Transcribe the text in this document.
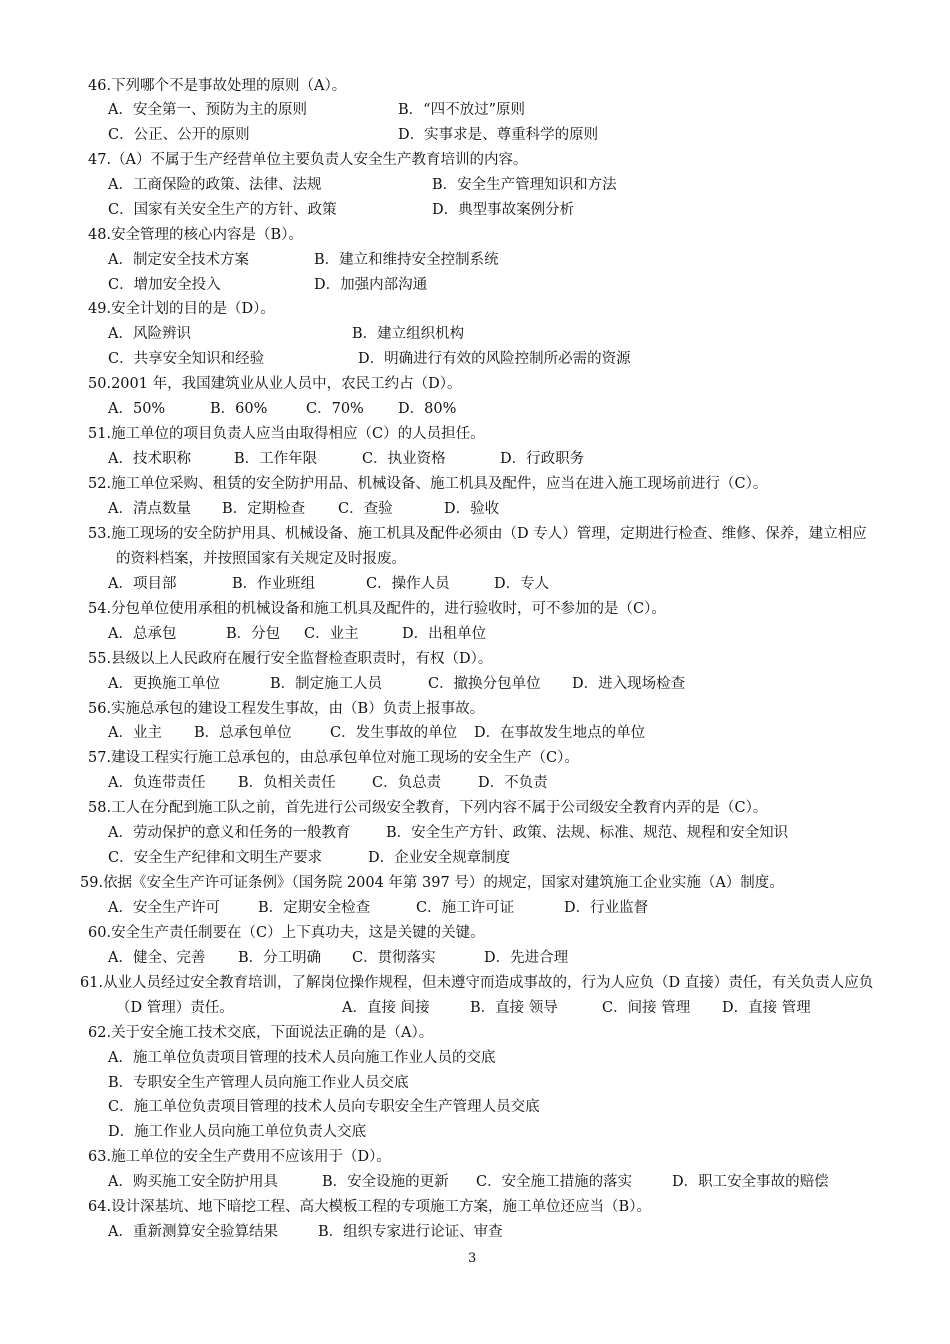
46.下列哪个不是事故处理的原则（A）。
A．安全第一、预防为主的原则	B．“四不放过”原则
C．公正、公开的原则	D．实事求是、尊重科学的原则
47.（A）不属于生产经营单位主要负责人安全生产教育培训的内容。
A．工商保险的政策、法律、法规	B．安全生产管理知识和方法
C．国家有关安全生产的方针、政策	D．典型事故案例分析
48.安全管理的核心内容是（B）。
A．制定安全技术方案	B．建立和维持安全控制系统
C．增加安全投入	D．加强内部沟通
49.安全计划的目的是（D）。
A．风险辨识	B．建立组织机构
C．共享安全知识和经验	D．明确进行有效的风险控制所必需的资源
50.2001 年，我国建筑业从业人员中，农民工约占（D）。
A．50%	B．60%	C．70% D．80%
51.施工单位的项目负责人应当由取得相应（C）的人员担任。
A．技术职称	B．工作年限	C．执业资格	D．行政职务
52.施工单位采购、租赁的安全防护用品、机械设备、施工机具及配件，应当在进入施工现场前进行（C）。
A．清点数量 B．定期检查 C．查验	D．验收
53.施工现场的安全防护用具、机械设备、施工机具及配件必须由（D 专人）管理，定期进行检查、维修、保养，建立相应
的资料档案，并按照国家有关规定及时报废。
A．项目部	B．作业班组	C．操作人员	D．专人
54.分包单位使用承租的机械设备和施工机具及配件的，进行验收时，可不参加的是（C）。
A．总承包	B．分包 C．业主	D．出租单位
55.县级以上人民政府在履行安全监督检查职责时，有权（D）。
A．更换施工单位	B．制定施工人员	C．撤换分包单位 D．进入现场检查
56.实施总承包的建设工程发生事故，由（B）负责上报事故。
A．业主 B．总承包单位	C．发生事故的单位 D．在事故发生地点的单位
57.建设工程实行施工总承包的，由总承包单位对施工现场的安全生产（C）。
A．负连带责任 B．负相关责任	C．负总责	D．不负责
58.工人在分配到施工队之前，首先进行公司级安全教育，下列内容不属于公司级安全教育内弄的是（C）。
A．劳动保护的意义和任务的一般教育 B．安全生产方针、政策、法规、标准、规范、规程和安全知识
C．安全生产纪律和文明生产要求	D．企业安全规章制度
59.依据《安全生产许可证条例》（国务院 2004 年第 397 号）的规定，国家对建筑施工企业实施（A）制度。
A．安全生产许可	B．定期安全检查	C．施工许可证	D．行业监督
60.安全生产责任制要在（C）上下真功夫，这是关键的关键。
A．健全、完善 B．分工明确 C．贯彻落实	D．先进合理
61.从业人员经过安全教育培训，了解岗位操作规程，但未遵守而造成事故的，行为人应负（D 直接）责任，有关负责人应负
（D 管理）责任。	A．直接 间接	B．直接 领导	C．间接 管理 D．直接 管理
62.关于安全施工技术交底，下面说法正确的是（A）。
A．施工单位负责项目管理的技术人员向施工作业人员的交底
B．专职安全生产管理人员向施工作业人员交底
C．施工单位负责项目管理的技术人员向专职安全生产管理人员交底
D．施工作业人员向施工单位负责人交底
63.施工单位的安全生产费用不应该用于（D）。
A．购买施工安全防护用具	B．安全设施的更新 C．安全施工措施的落实	D．职工安全事故的赔偿
64.设计深基坑、地下暗挖工程、高大模板工程的专项施工方案，施工单位还应当（B）。
A．重新测算安全验算结果	B．组织专家进行论证、审查
3
